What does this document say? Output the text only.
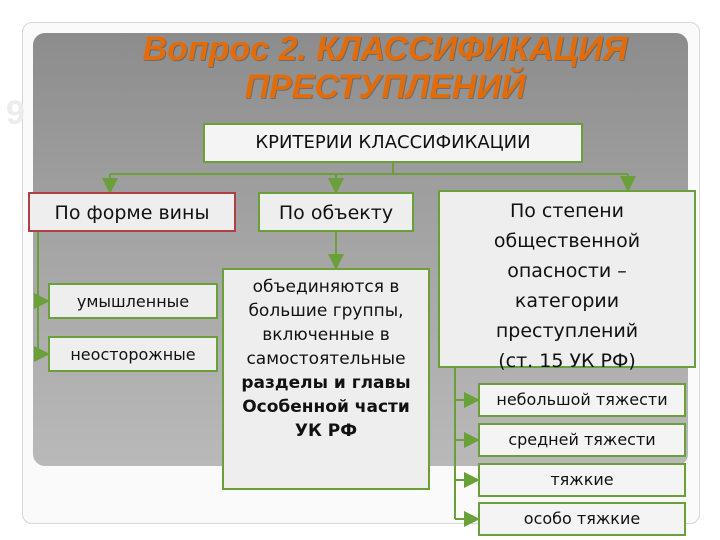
9
Вопрос 2. КЛАССИФИКАЦИЯ
ПРЕСТУПЛЕНИЙ
КРИТЕРИИ КЛАССИФИКАЦИИ
По форме вины	По объекту	По степени
общественной
опасности –
категории
преступлений
(ст. 15 УК РФ)
умышленные
неосторожные
объединяются в
большие группы,
включенные в
самостоятельные
разделы и главы
Особенной части
УК РФ
небольшой тяжести
средней тяжести
тяжкие
особо тяжкие
